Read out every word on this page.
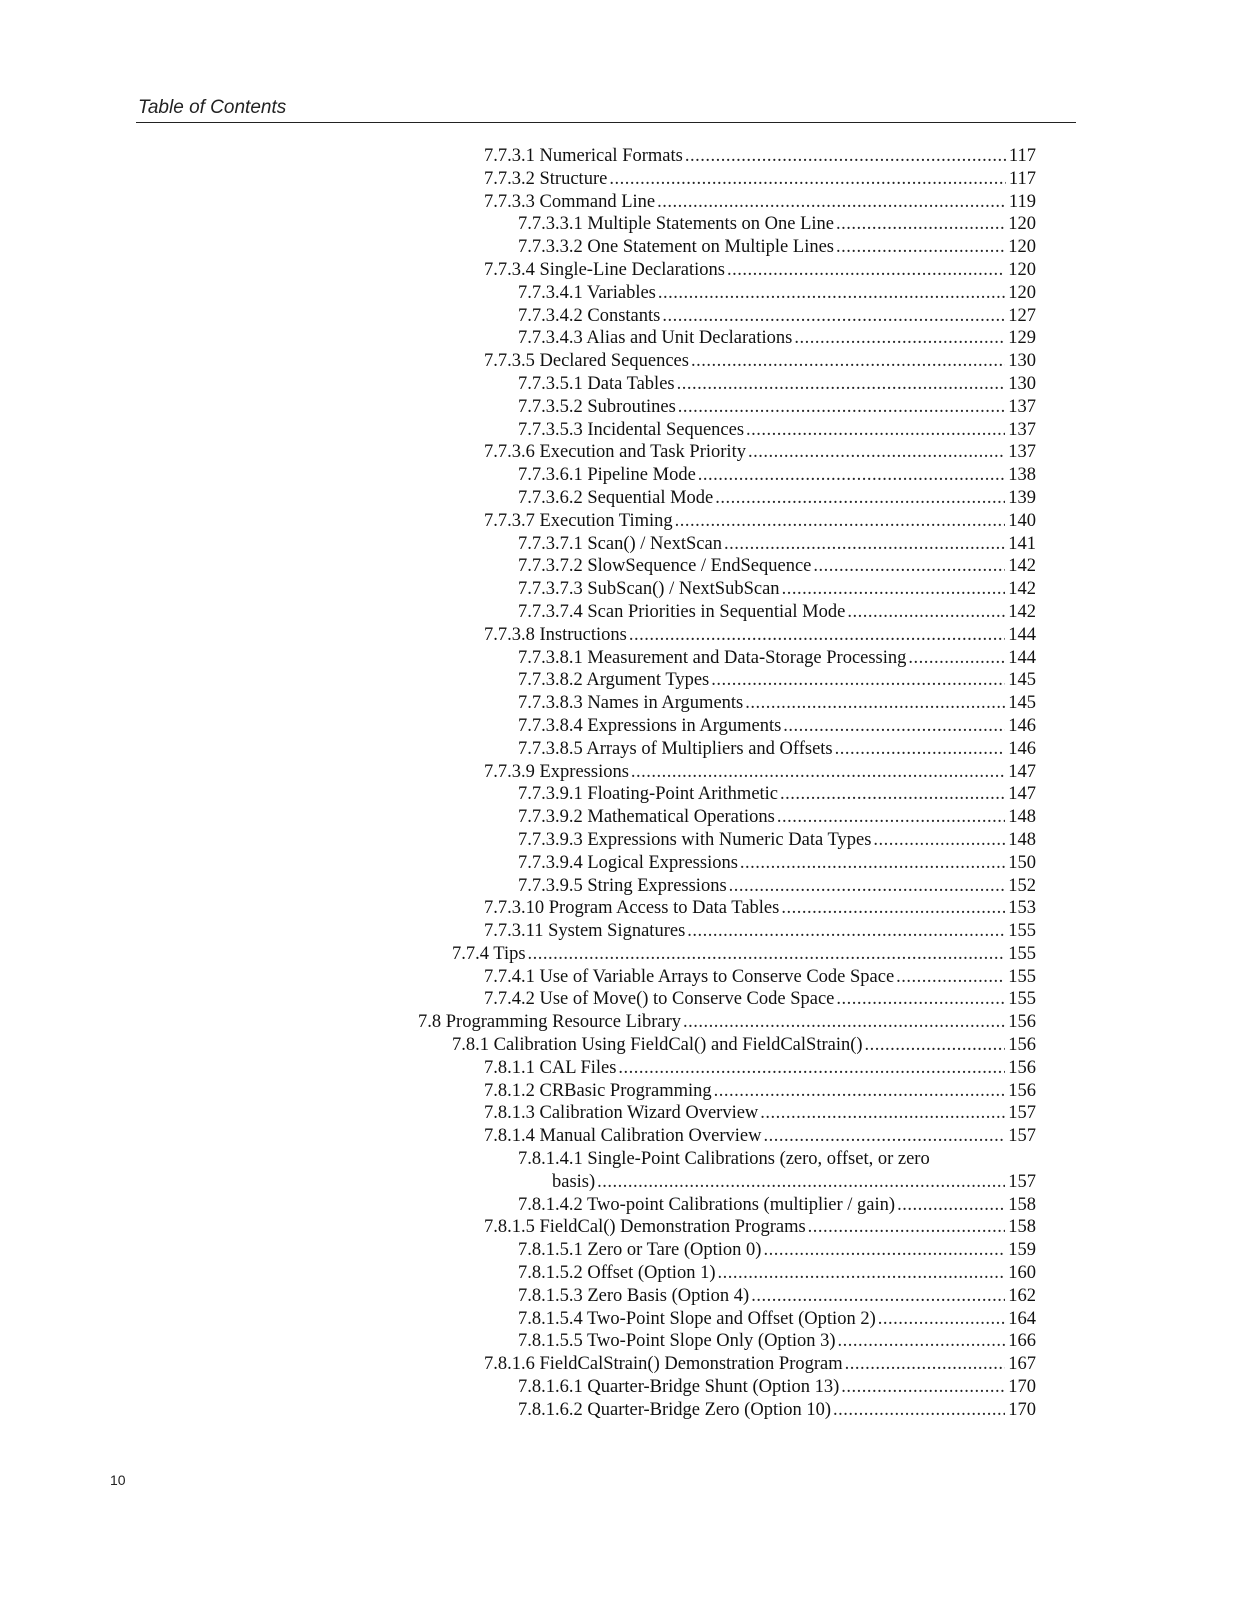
Table of Contents
7.7.3.1 Numerical Formats .....	117
7.7.3.2 Structure .....	117
7.7.3.3 Command Line .....	119
7.7.3.3.1 Multiple Statements on One Line .....	120
7.7.3.3.2 One Statement on Multiple Lines .....	120
7.7.3.4 Single-Line Declarations .....	120
7.7.3.4.1 Variables .....	120
7.7.3.4.2 Constants .....	127
7.7.3.4.3 Alias and Unit Declarations .....	129
7.7.3.5 Declared Sequences .....	130
7.7.3.5.1 Data Tables .....	130
7.7.3.5.2 Subroutines .....	137
7.7.3.5.3 Incidental Sequences .....	137
7.7.3.6 Execution and Task Priority .....	137
7.7.3.6.1 Pipeline Mode .....	138
7.7.3.6.2 Sequential Mode .....	139
7.7.3.7 Execution Timing .....	140
7.7.3.7.1 Scan() / NextScan .....	141
7.7.3.7.2 SlowSequence / EndSequence .....	142
7.7.3.7.3 SubScan() / NextSubScan .....	142
7.7.3.7.4 Scan Priorities in Sequential Mode .....	142
7.7.3.8 Instructions .....	144
7.7.3.8.1 Measurement and Data-Storage Processing .....	144
7.7.3.8.2 Argument Types .....	145
7.7.3.8.3 Names in Arguments .....	145
7.7.3.8.4 Expressions in Arguments .....	146
7.7.3.8.5 Arrays of Multipliers and Offsets .....	146
7.7.3.9 Expressions .....	147
7.7.3.9.1 Floating-Point Arithmetic .....	147
7.7.3.9.2 Mathematical Operations .....	148
7.7.3.9.3 Expressions with Numeric Data Types .....	148
7.7.3.9.4 Logical Expressions .....	150
7.7.3.9.5 String Expressions .....	152
7.7.3.10 Program Access to Data Tables .....	153
7.7.3.11 System Signatures .....	155
7.7.4 Tips .....	155
7.7.4.1 Use of Variable Arrays to Conserve Code Space .....	155
7.7.4.2 Use of Move() to Conserve Code Space .....	155
7.8 Programming Resource Library .....	156
7.8.1 Calibration Using FieldCal() and FieldCalStrain() .....	156
7.8.1.1 CAL Files .....	156
7.8.1.2 CRBasic Programming .....	156
7.8.1.3 Calibration Wizard Overview .....	157
7.8.1.4 Manual Calibration Overview .....	157
7.8.1.4.1 Single-Point Calibrations (zero, offset, or zero
basis) .....	157
7.8.1.4.2 Two-point Calibrations (multiplier / gain) .....	158
7.8.1.5 FieldCal() Demonstration Programs .....	158
7.8.1.5.1 Zero or Tare (Option 0) .....	159
7.8.1.5.2 Offset (Option 1) .....	160
7.8.1.5.3 Zero Basis (Option 4) .....	162
7.8.1.5.4 Two-Point Slope and Offset (Option 2) .....	164
7.8.1.5.5 Two-Point Slope Only (Option 3) .....	166
7.8.1.6 FieldCalStrain() Demonstration Program .....	167
7.8.1.6.1 Quarter-Bridge Shunt (Option 13) .....	170
7.8.1.6.2 Quarter-Bridge Zero (Option 10) .....	170
10
